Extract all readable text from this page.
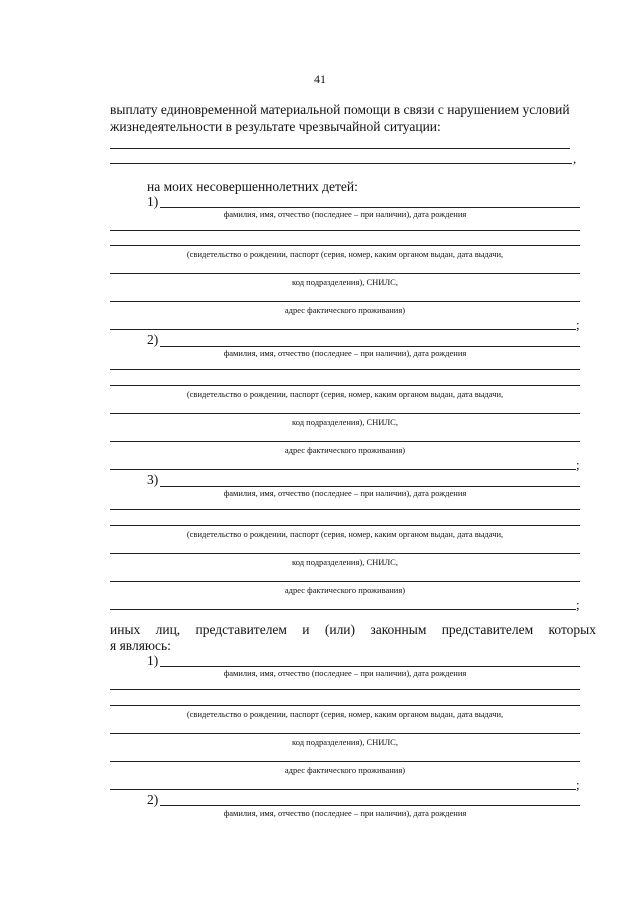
41
выплату единовременной материальной помощи в связи с нарушением условий
жизнедеятельности в результате чрезвычайной ситуации:
,
на моих несовершеннолетних детей:
1)
фамилия, имя, отчество (последнее – при наличии), дата рождения
(свидетельство о рождении, паспорт (серия, номер, каким органом выдан, дата выдачи,
код подразделения), СНИЛС,
адрес фактического проживания)
;
2)
фамилия, имя, отчество (последнее – при наличии), дата рождения
(свидетельство о рождении, паспорт (серия, номер, каким органом выдан, дата выдачи,
код подразделения), СНИЛС,
адрес фактического проживания)
;
3)
фамилия, имя, отчество (последнее – при наличии), дата рождения
(свидетельство о рождении, паспорт (серия, номер, каким органом выдан, дата выдачи,
код подразделения), СНИЛС,
адрес фактического проживания)
;
иных лиц, представителем и (или) законным представителем которых
я являюсь:
1)
фамилия, имя, отчество (последнее – при наличии), дата рождения
(свидетельство о рождении, паспорт (серия, номер, каким органом выдан, дата выдачи,
код подразделения), СНИЛС,
адрес фактического проживания)
;
2)
фамилия, имя, отчество (последнее – при наличии), дата рождения
